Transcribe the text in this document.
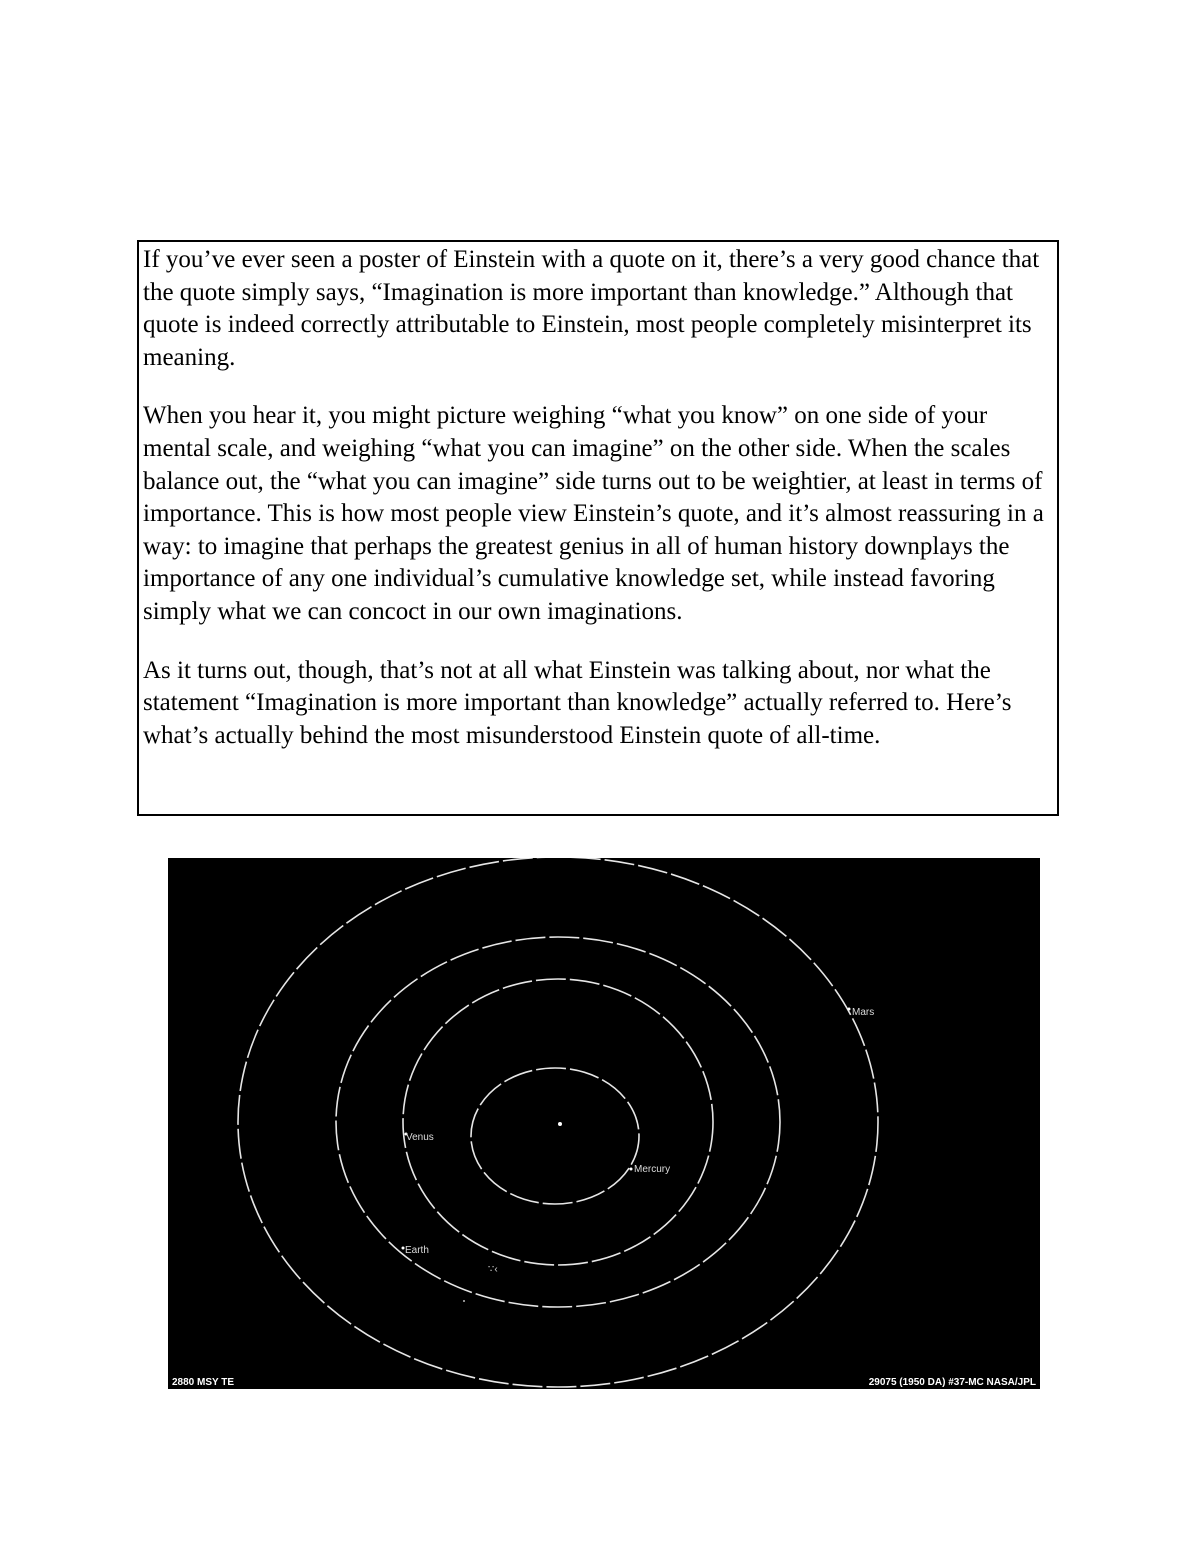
If you’ve ever seen a poster of Einstein with a quote on it, there’s a very good chance that the quote simply says, “Imagination is more important than knowledge.” Although that quote is indeed correctly attributable to Einstein, most people completely misinterpret its meaning.

When you hear it, you might picture weighing “what you know” on one side of your mental scale, and weighing “what you can imagine” on the other side. When the scales balance out, the “what you can imagine” side turns out to be weightier, at least in terms of importance. This is how most people view Einstein’s quote, and it’s almost reassuring in a way: to imagine that perhaps the greatest genius in all of human history downplays the importance of any one individual’s cumulative knowledge set, while instead favoring simply what we can concoct in our own imaginations.

As it turns out, though, that’s not at all what Einstein was talking about, nor what the statement “Imagination is more important than knowledge” actually referred to. Here’s what’s actually behind the most misunderstood Einstein quote of all-time.

∵‹
Mars
Venus
Mercury
Earth
2880 MSY TE	29075 (1950 DA) #37-MC NASA/JPL
